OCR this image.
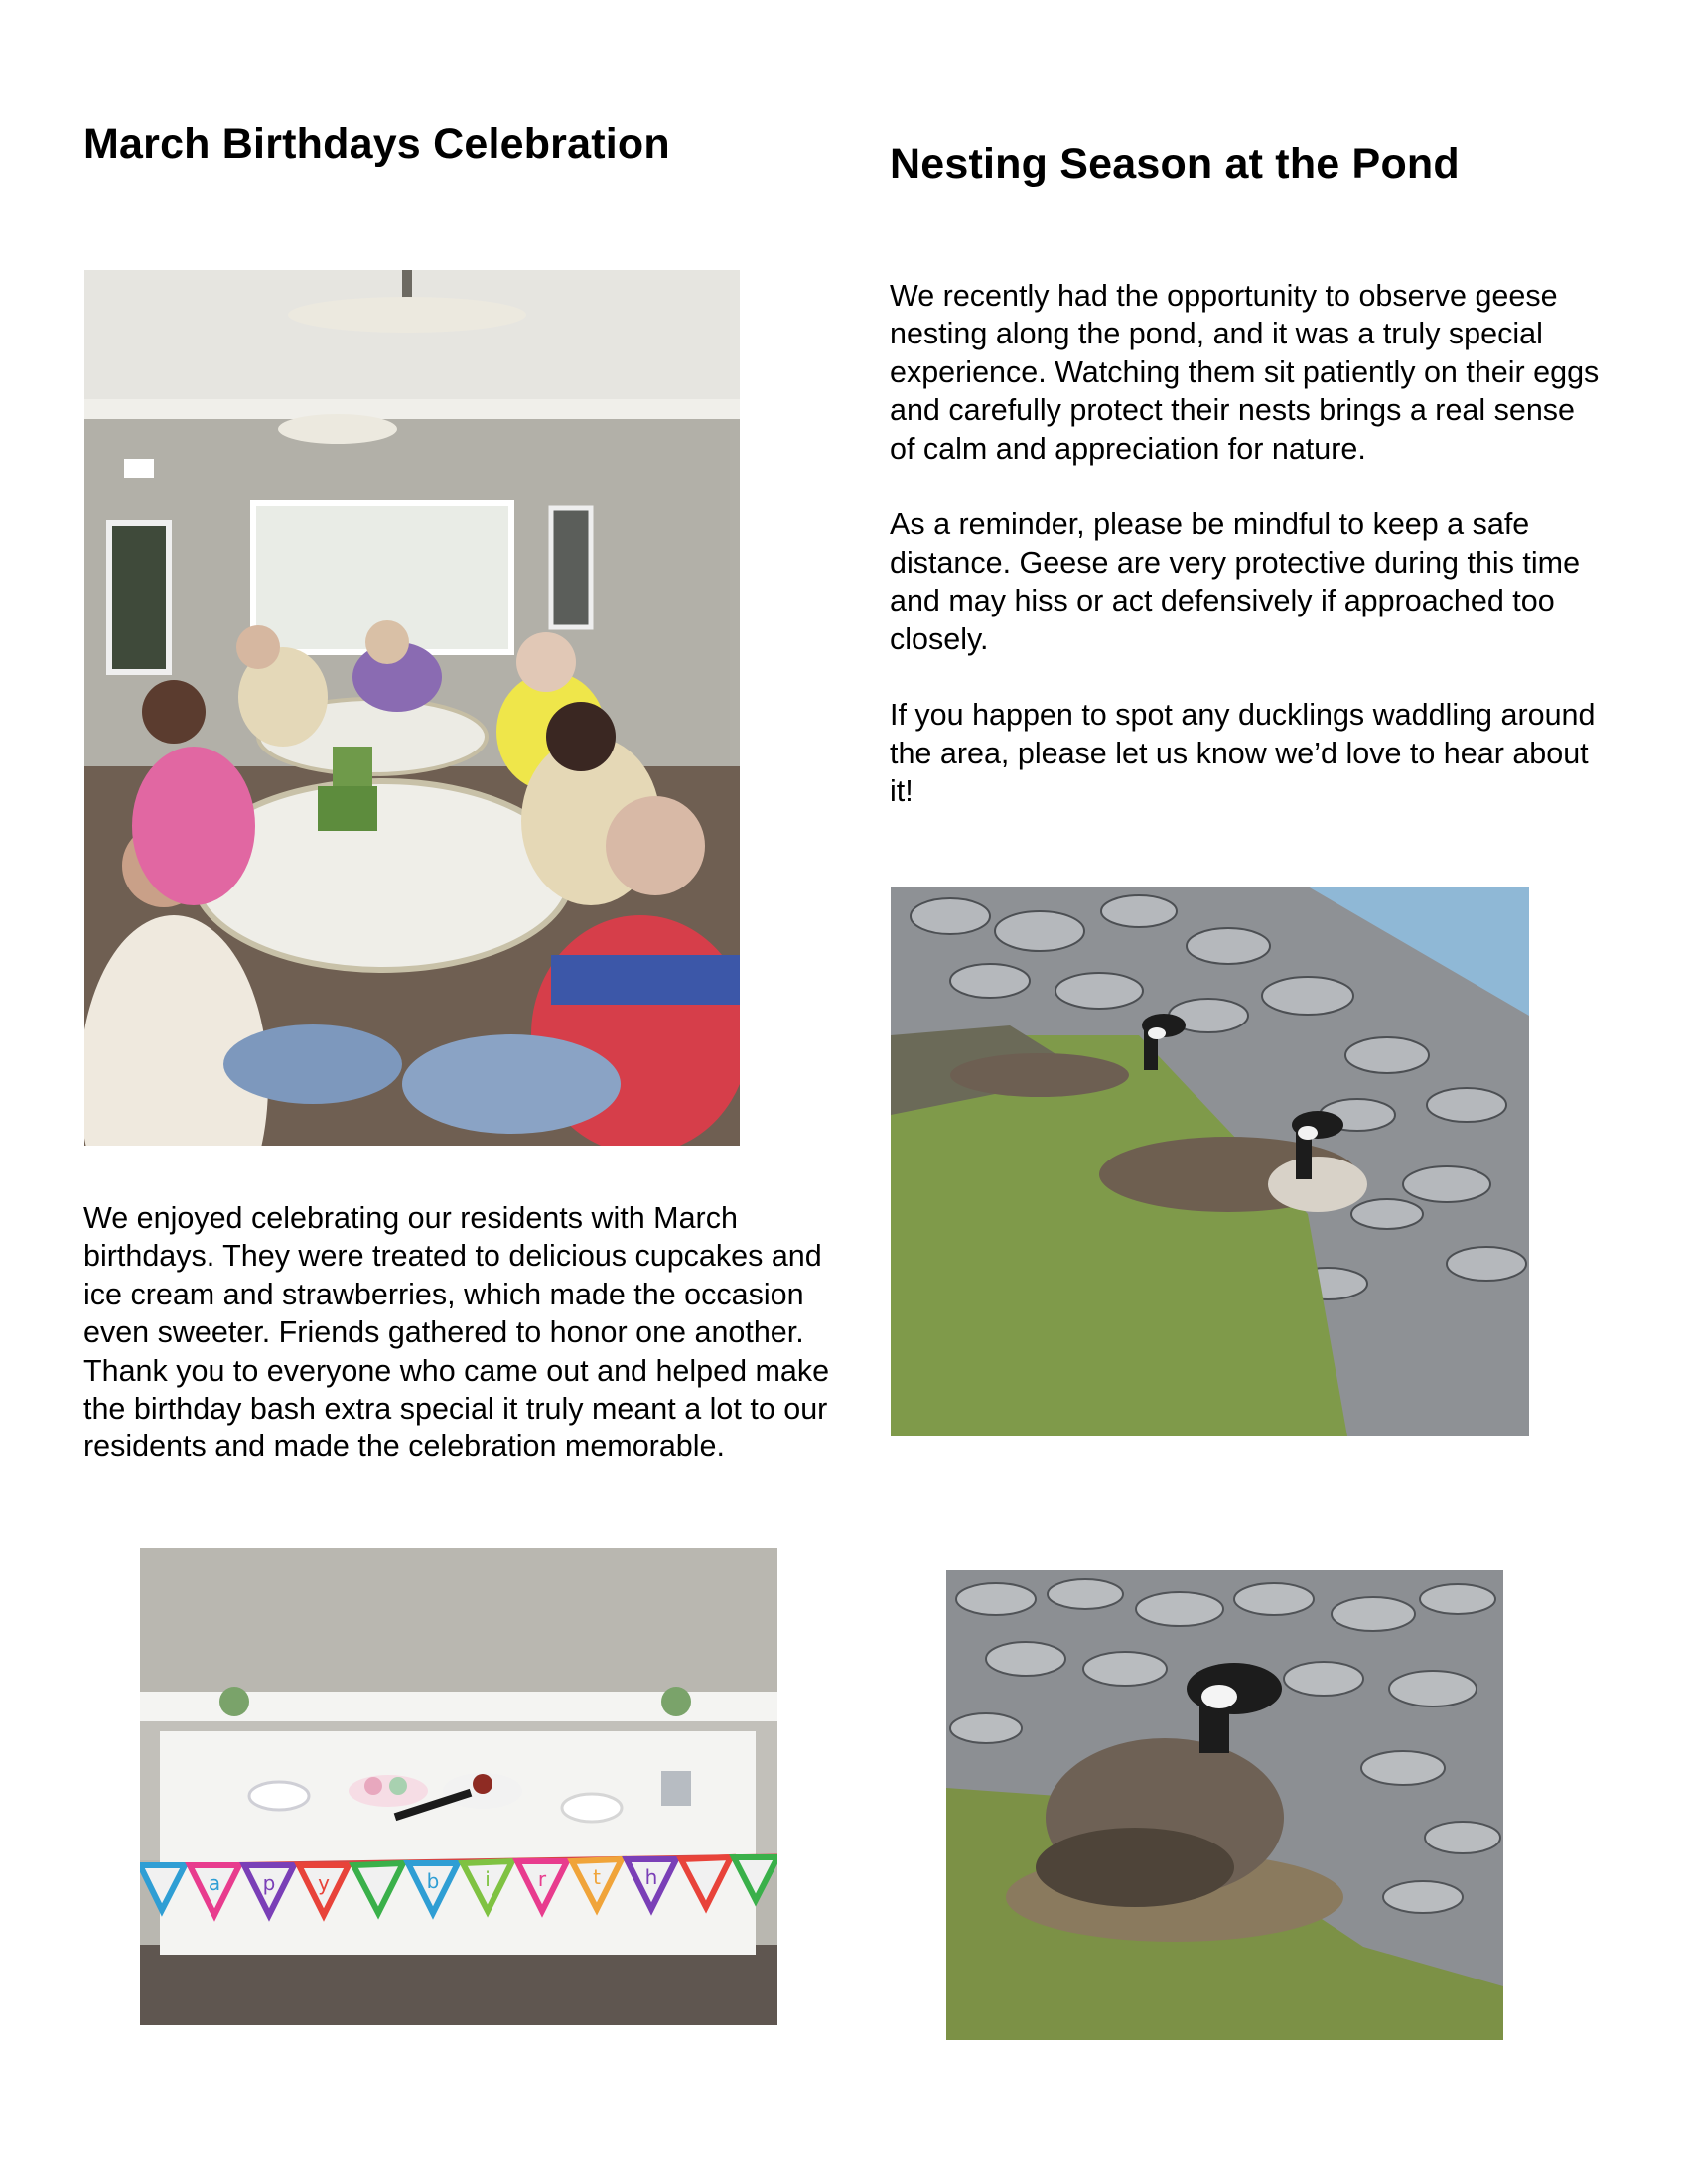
March Birthdays Celebration

We enjoyed celebrating our residents with March birthdays. They were treated to delicious cupcakes and ice cream and strawberries, which made the occasion even sweeter. Friends gathered to honor one another. Thank you to everyone who came out and helped make the birthday bash extra special it truly meant a lot to our residents and made the celebration memorable.

a p y	b i r t h
Nesting Season at the Pond

We recently had the opportunity to observe geese nesting along the pond, and it was a truly special experience. Watching them sit patiently on their eggs and carefully protect their nests brings a real sense of calm and appreciation for nature.

As a reminder, please be mindful to keep a safe distance. Geese are very protective during this time and may hiss or act defensively if approached too closely.

If you happen to spot any ducklings waddling around the area, please let us know we’d love to hear about it!
